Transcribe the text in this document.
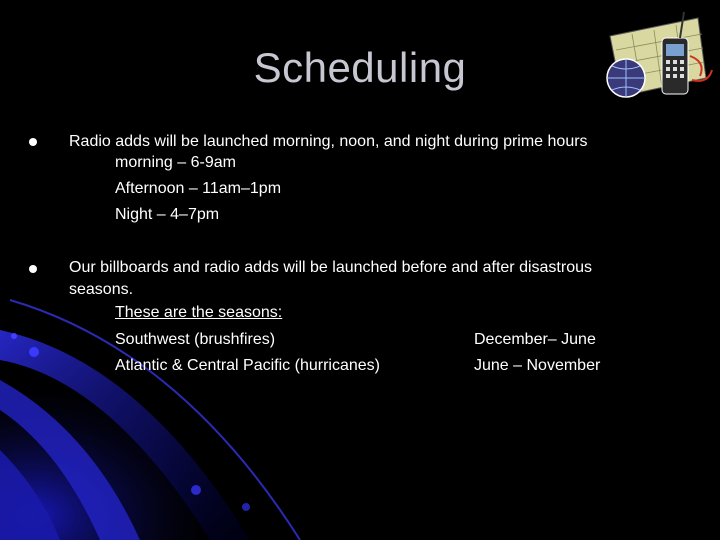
Scheduling
Radio adds will be launched morning, noon, and night during prime hours
morning – 6-9am
Afternoon – 11am–1pm
Night – 4–7pm
Our billboards and radio adds will be launched before and after disastrous
seasons.
These are the seasons:
Southwest (brushfires)	December– June
Atlantic & Central Pacific (hurricanes)	June – November
